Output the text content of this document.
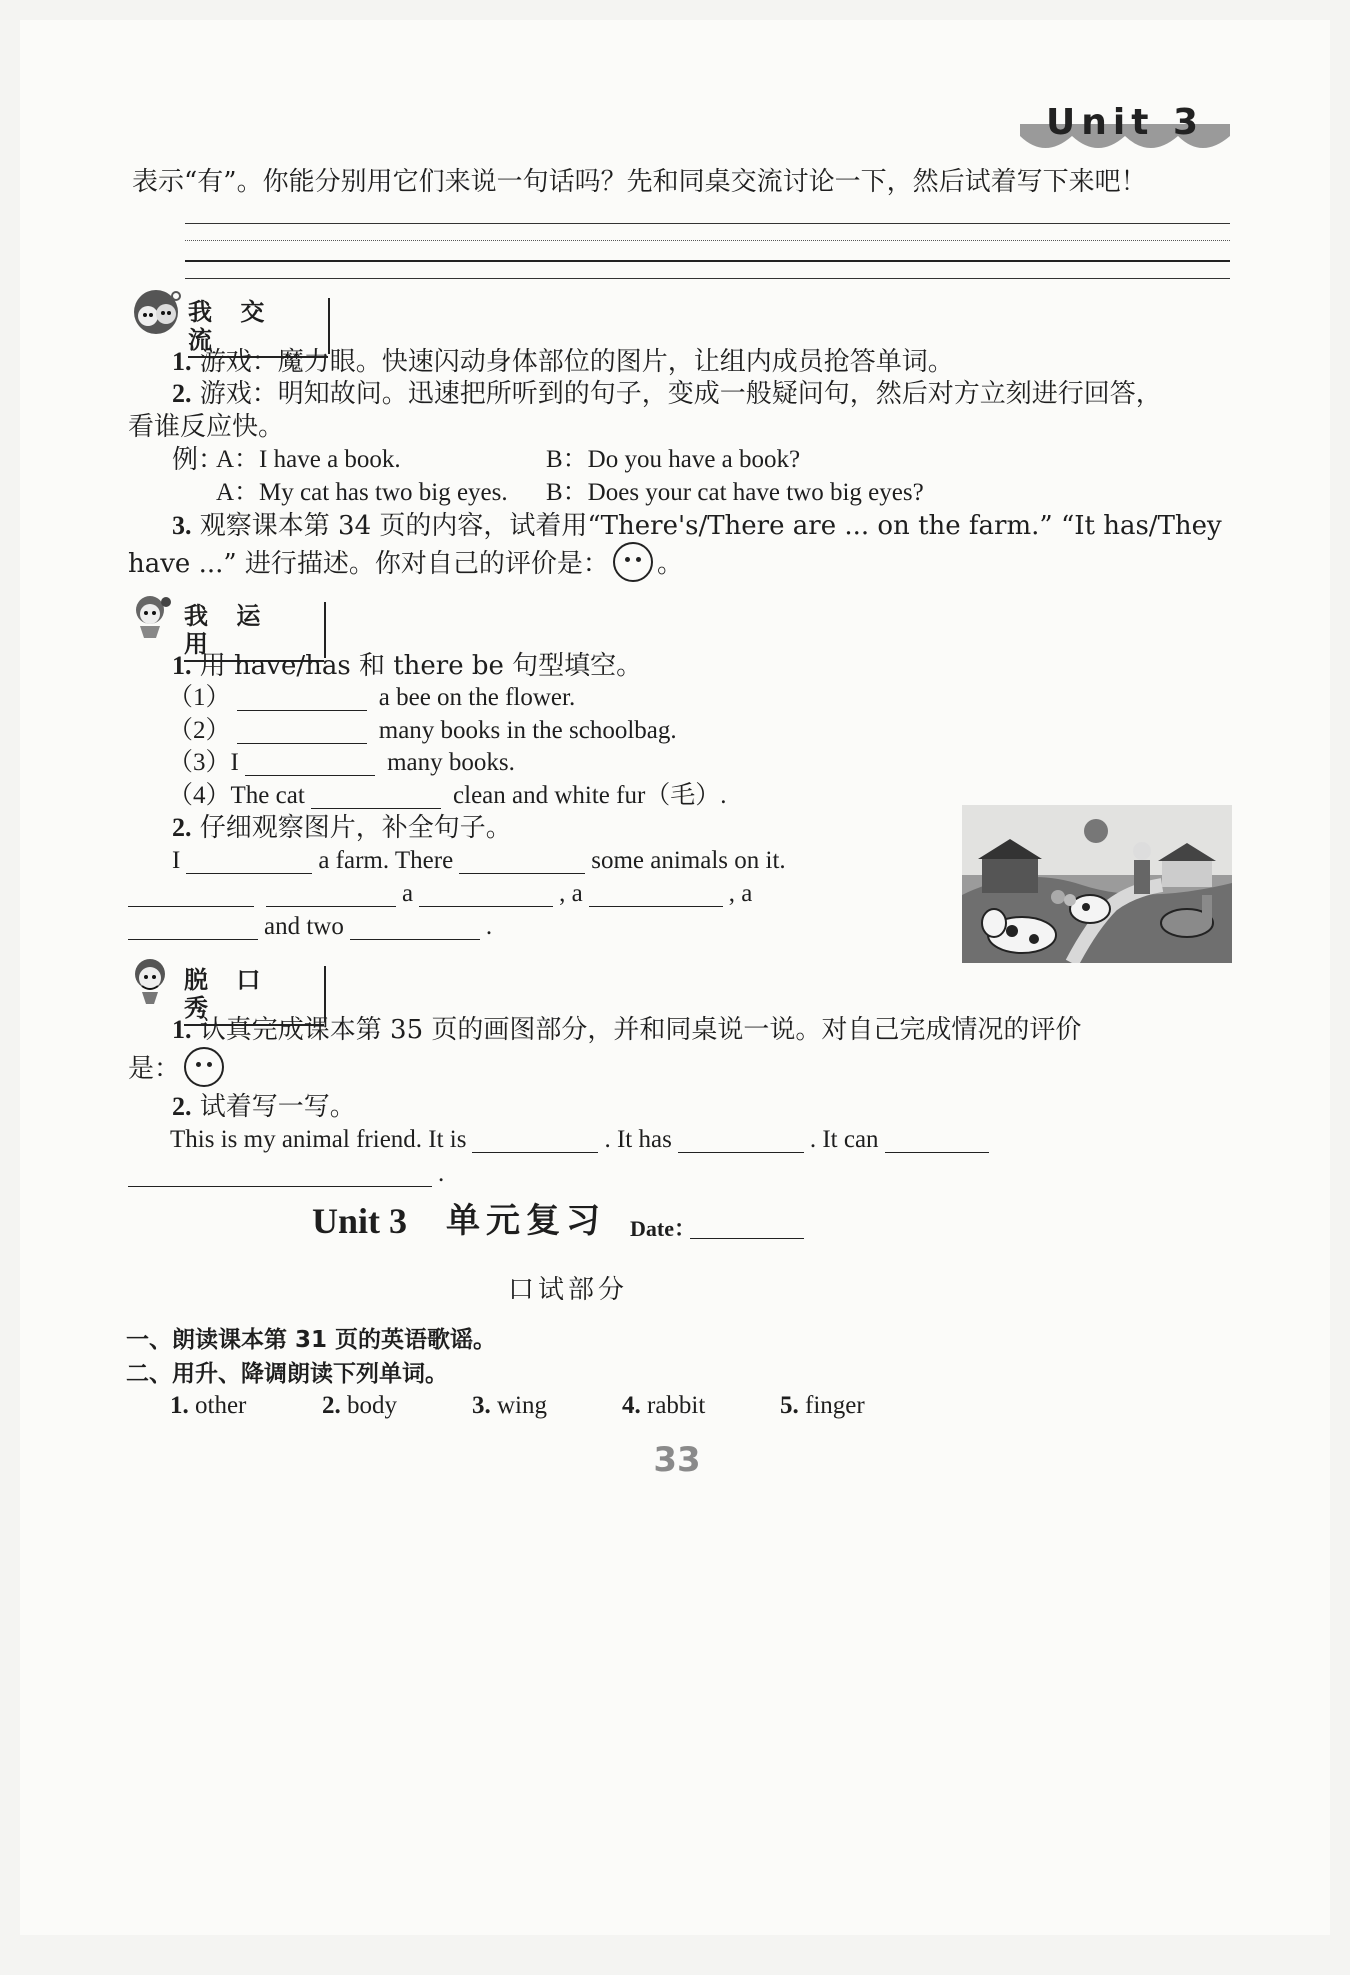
Unit 3
表示“有”。你能分别用它们来说一句话吗？先和同桌交流讨论一下，然后试着写下来吧！
我 交 流
1. 游戏：魔力眼。快速闪动身体部位的图片，让组内成员抢答单词。
2. 游戏：明知故问。迅速把所听到的句子，变成一般疑问句，然后对方立刻进行回答，
看谁反应快。
例：
A：I have a book.	B：Do you have a book?
A：My cat has two big eyes. B：Does your cat have two big eyes?
3. 观察课本第 34 页的内容，试着用“There's/There are ... on the farm.” “It has/They
have ...” 进行描述。你对自己的评价是： 。
我 运 用
1. 用 have/has 和 there be 句型填空。
（1）	a bee on the flower.
（2）	many books in the schoolbag.
（3）I	many books.
（4）The cat	clean and white fur（毛）.
2. 仔细观察图片，补全句子。
I	a farm. There	some animals on it.
a	, a	, a
and two	.
脱 口 秀
1. 认真完成课本第 35 页的画图部分，并和同桌说一说。对自己完成情况的评价
是：
2. 试着写一写。
This is my animal friend. It is	. It has	. It can
.
Unit 3 单元复习 Date：
口试部分
一、朗读课本第 31 页的英语歌谣。
二、用升、降调朗读下列单词。
1. other	2. body	3. wing	4. rabbit	5. finger
33
